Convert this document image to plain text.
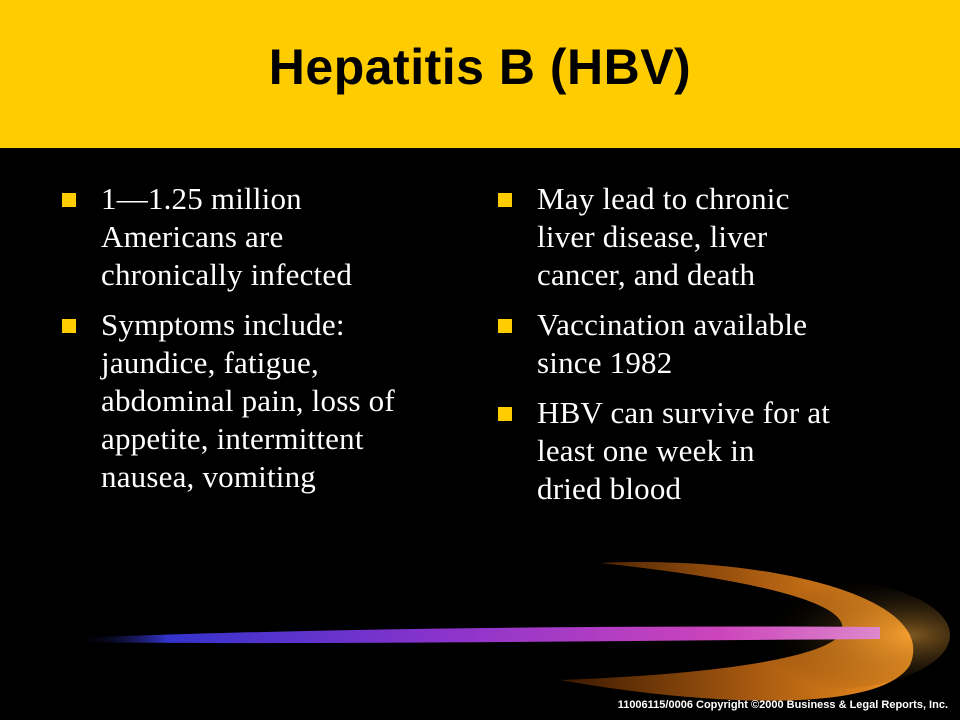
Hepatitis B (HBV)
1—1.25 million
Americans are
chronically infected
Symptoms include:
jaundice, fatigue,
abdominal pain, loss of
appetite, intermittent
nausea, vomiting
May lead to chronic
liver disease, liver
cancer, and death
Vaccination available
since 1982
HBV can survive for at
least one week in
dried blood
11006115/0006 Copyright ©2000 Business & Legal Reports, Inc.
